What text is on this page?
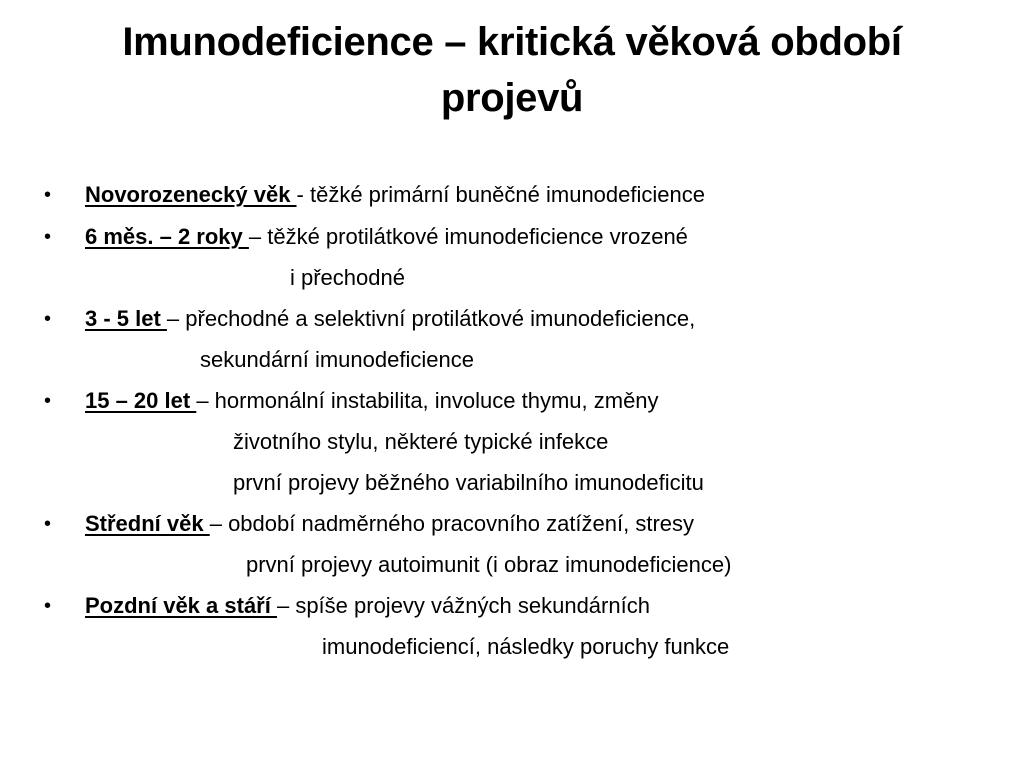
Imunodeficience – kritická věková období
projevů
• Novorozenecký věk - těžké primární buněčné imunodeficience
• 6 měs. – 2 roky – těžké protilátkové imunodeficience vrozené
i přechodné
• 3 - 5 let – přechodné a selektivní protilátkové imunodeficience,
sekundární imunodeficience
• 15 – 20 let – hormonální instabilita, involuce thymu, změny
životního stylu, některé typické infekce
první projevy běžného variabilního imunodeficitu
• Střední věk – období nadměrného pracovního zatížení, stresy
první projevy autoimunit (i obraz imunodeficience)
• Pozdní věk a stáří – spíše projevy vážných sekundárních
imunodeficiencí, následky poruchy funkce
